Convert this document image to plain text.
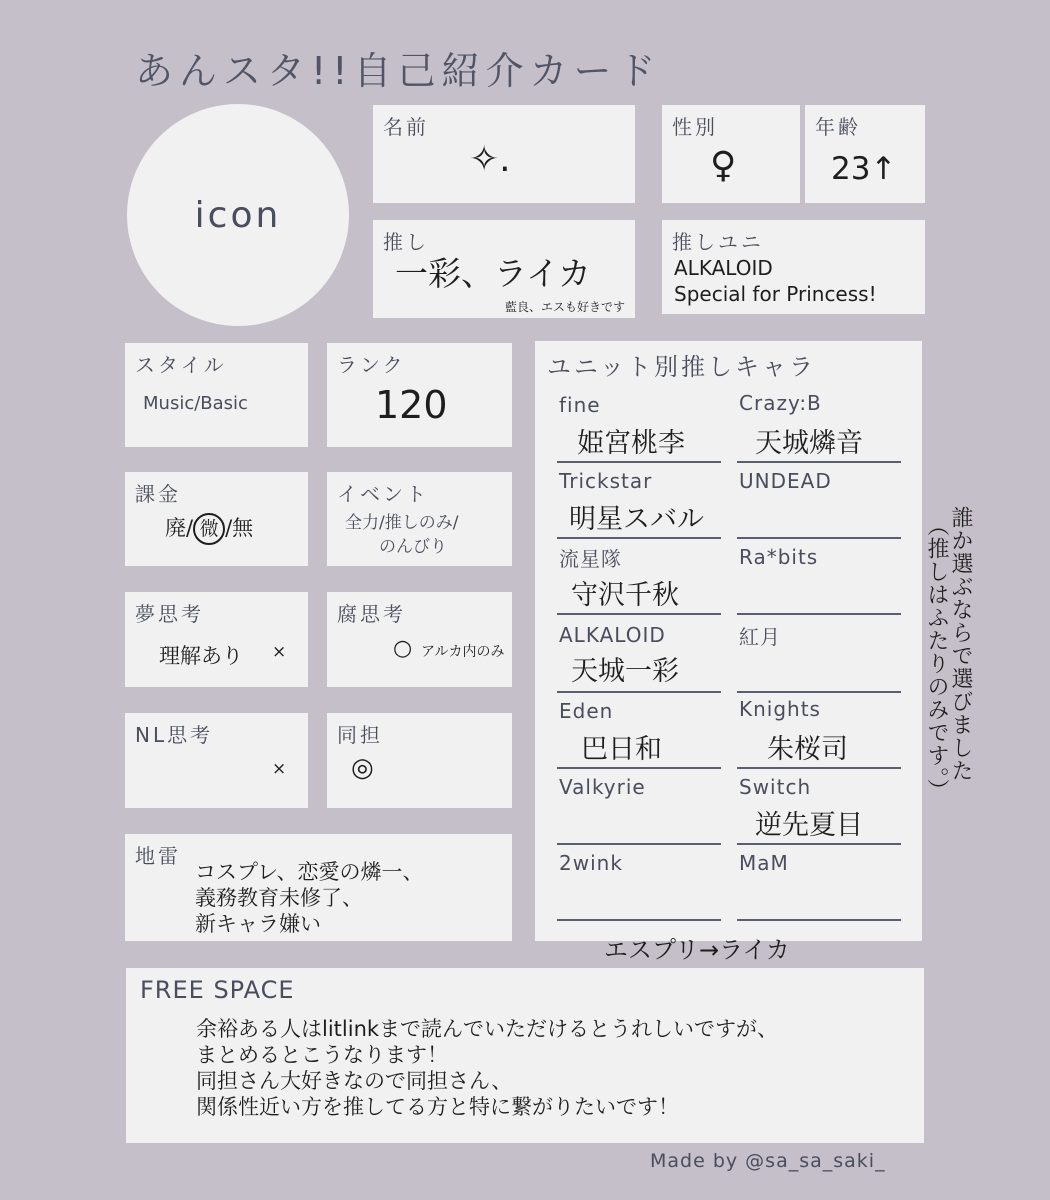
あんスタ!!自己紹介カード
icon
名前
✧.
性別
♀
年齢
23↑
推し
一彩、ライカ
藍良、エスも好きです
推しユニ
ALKALOID
Special for Princess!
スタイル
Music/Basic
ランク
120
課金
廃/ 微 /無
イベント
全力/推しのみ/
のんびり
夢思考
理解あり ×
腐思考
○ アルカ内のみ
NL思考
×
同担
◎
地雷
コスプレ、恋愛の燐一、
義務教育未修了、
新キャラ嫌い
ユニット別推しキャラ
fine
姫宮桃李
Crazy:B
天城燐音
Trickstar
明星スバル
UNDEAD
流星隊
守沢千秋
Ra*bits
ALKALOID
天城一彩
紅月
Eden
巴日和
Knights
朱桜司
Valkyrie	Switch
逆先夏目
2wink	MaM
エスプリ→ライカ
誰か選ぶならで選びました
（推しはふたりのみです。）
FREE SPACE
余裕ある人はlitlinkまで読んでいただけるとうれしいですが、
まとめるとこうなります！
同担さん大好きなので同担さん、
関係性近い方を推してる方と特に繋がりたいです！
Made by @sa_sa_saki_
